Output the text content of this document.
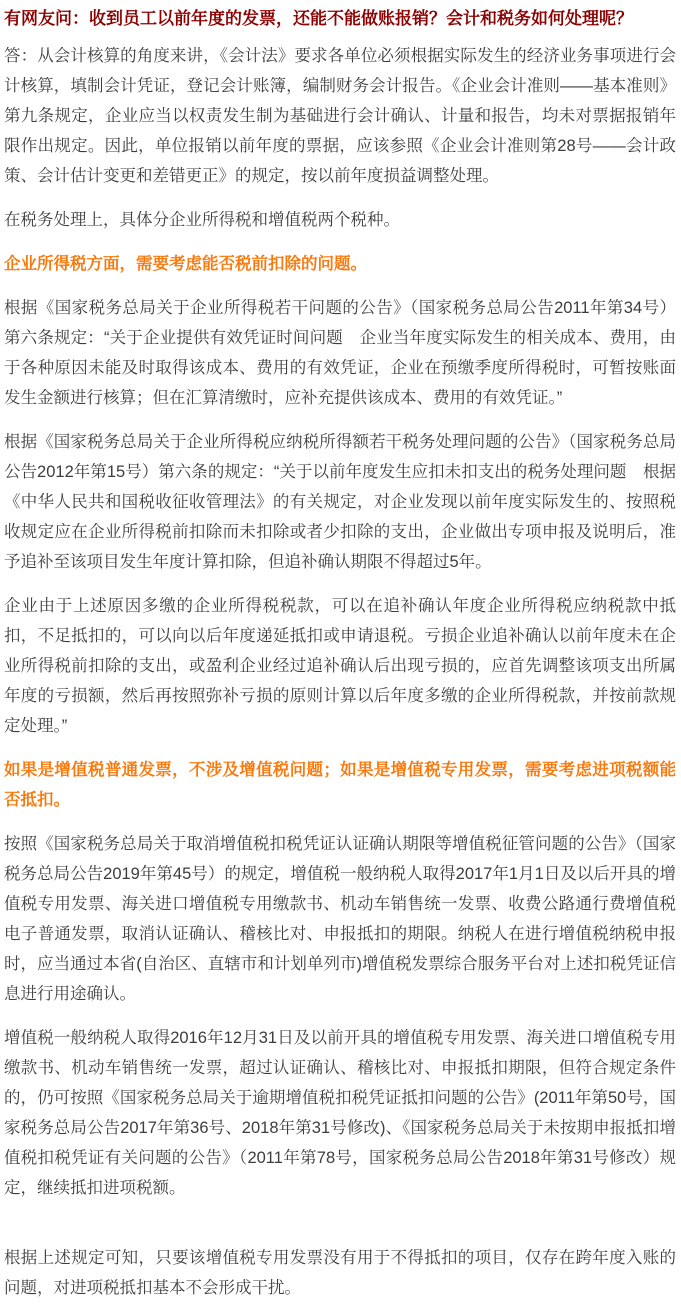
有网友问：收到员工以前年度的发票，还能不能做账报销？会计和税务如何处理呢？

答：从会计核算的角度来讲，《会计法》要求各单位必须根据实际发生的经济业务事项进行会计核算，填制会计凭证，登记会计账簿，编制财务会计报告。《企业会计准则——基本准则》第九条规定，企业应当以权责发生制为基础进行会计确认、计量和报告，均未对票据报销年限作出规定。因此，单位报销以前年度的票据，应该参照《企业会计准则第28号——会计政策、会计估计变更和差错更正》的规定，按以前年度损益调整处理。

在税务处理上，具体分企业所得税和增值税两个税种。

企业所得税方面，需要考虑能否税前扣除的问题。

根据《国家税务总局关于企业所得税若干问题的公告》（国家税务总局公告2011年第34号）第六条规定：“关于企业提供有效凭证时间问题　企业当年度实际发生的相关成本、费用，由于各种原因未能及时取得该成本、费用的有效凭证，企业在预缴季度所得税时，可暂按账面发生金额进行核算；但在汇算清缴时，应补充提供该成本、费用的有效凭证。”

根据《国家税务总局关于企业所得税应纳税所得额若干税务处理问题的公告》（国家税务总局公告2012年第15号）第六条的规定：“关于以前年度发生应扣未扣支出的税务处理问题　根据《中华人民共和国税收征收管理法》的有关规定，对企业发现以前年度实际发生的、按照税收规定应在企业所得税前扣除而未扣除或者少扣除的支出，企业做出专项申报及说明后，准予追补至该项目发生年度计算扣除，但追补确认期限不得超过5年。

企业由于上述原因多缴的企业所得税税款，可以在追补确认年度企业所得税应纳税款中抵扣，不足抵扣的，可以向以后年度递延抵扣或申请退税。亏损企业追补确认以前年度未在企业所得税前扣除的支出，或盈利企业经过追补确认后出现亏损的，应首先调整该项支出所属年度的亏损额，然后再按照弥补亏损的原则计算以后年度多缴的企业所得税款，并按前款规定处理。”

如果是增值税普通发票，不涉及增值税问题；如果是增值税专用发票，需要考虑进项税额能否抵扣。

按照《国家税务总局关于取消增值税扣税凭证认证确认期限等增值税征管问题的公告》（国家税务总局公告2019年第45号）的规定，增值税一般纳税人取得2017年1月1日及以后开具的增值税专用发票、海关进口增值税专用缴款书、机动车销售统一发票、收费公路通行费增值税电子普通发票，取消认证确认、稽核比对、申报抵扣的期限。纳税人在进行增值税纳税申报时，应当通过本省(自治区、直辖市和计划单列市)增值税发票综合服务平台对上述扣税凭证信息进行用途确认。

增值税一般纳税人取得2016年12月31日及以前开具的增值税专用发票、海关进口增值税专用缴款书、机动车销售统一发票，超过认证确认、稽核比对、申报抵扣期限，但符合规定条件的，仍可按照《国家税务总局关于逾期增值税扣税凭证抵扣问题的公告》(2011年第50号，国家税务总局公告2017年第36号、2018年第31号修改)、《国家税务总局关于未按期申报抵扣增值税扣税凭证有关问题的公告》（2011年第78号，国家税务总局公告2018年第31号修改）规定，继续抵扣进项税额。

根据上述规定可知，只要该增值税专用发票没有用于不得抵扣的项目，仅存在跨年度入账的问题，对进项税抵扣基本不会形成干扰。
